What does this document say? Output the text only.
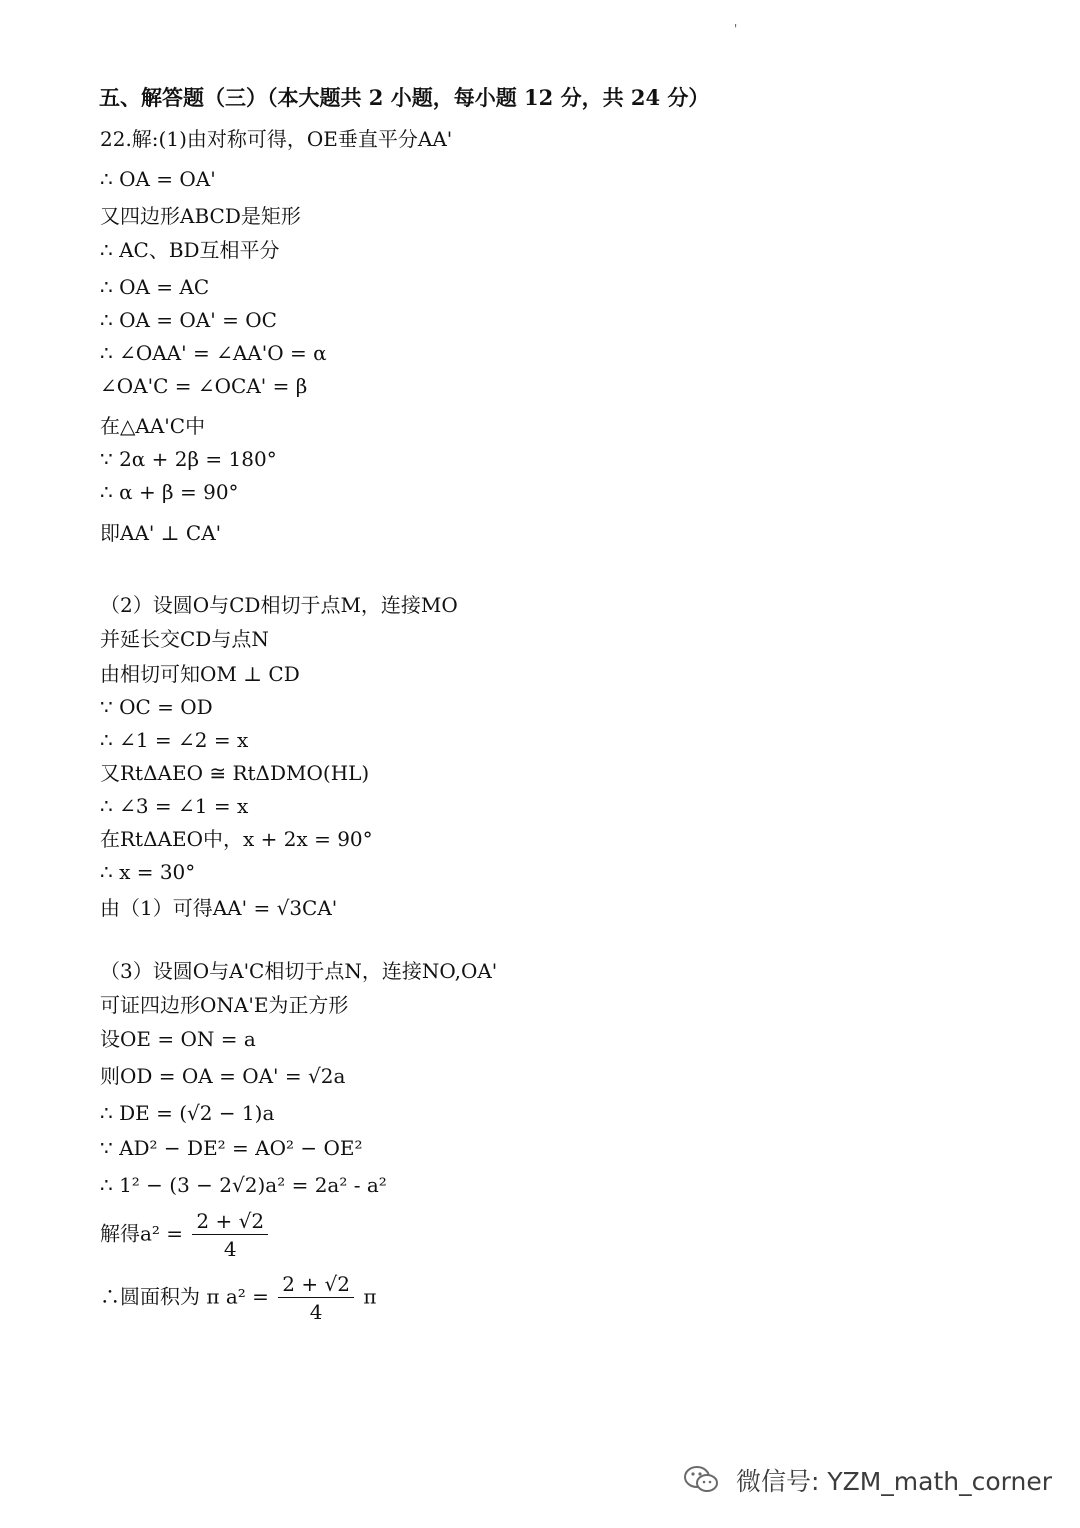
'
五、解答题（三）（本大题共 2 小题，每小题 12 分，共 24 分）
22.解:(1)由对称可得，OE垂直平分AA'
∴ OA = OA'
又四边形ABCD是矩形
∴ AC、BD互相平分
∴ OA = AC
∴ OA = OA' = OC
∴ ∠OAA' = ∠AA'O = α
∠OA'C = ∠OCA' = β
在△AA'C中
∵ 2α + 2β = 180°
∴ α + β = 90°
即AA' ⊥ CA'
（2）设圆O与CD相切于点M，连接MO
并延长交CD与点N
由相切可知OM ⊥ CD
∵ OC = OD
∴ ∠1 = ∠2 = x
又RtΔAEO ≅ RtΔDMO(HL)
∴ ∠3 = ∠1 = x
在RtΔAEO中，x + 2x = 90°
∴ x = 30°
由（1）可得AA' = √3CA'
（3）设圆O与A'C相切于点N，连接NO,OA'
可证四边形ONA'E为正方形
设OE = ON = a
则OD = OA = OA' = √2a
∴ DE = (√2 − 1)a
∵ AD² − DE² = AO² − OE²
∴ 1² − (3 − 2√2)a² = 2a² - a²
解得$a^2 = \frac{2 + √2}{4}$
∴圆面积为 π $a^2 = \frac{2 + √2}{4}$ π
微信号: YZM_math_corner
